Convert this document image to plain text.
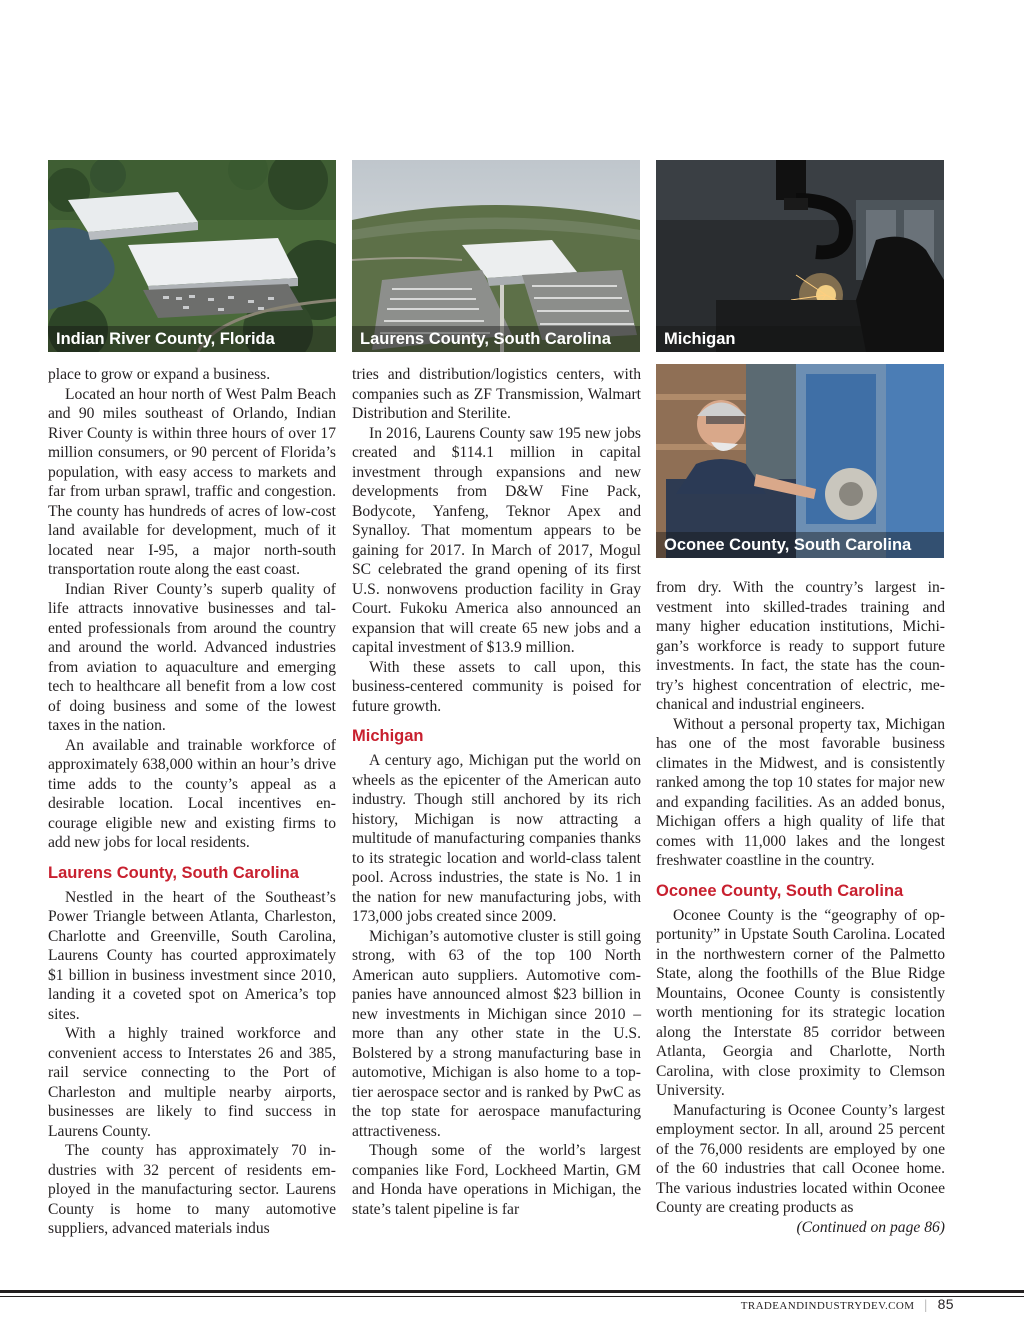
Indian River County, Florida	Laurens County, South Carolina	Michigan
Oconee County, South Carolina

place to grow or expand a business.

Located an hour north of West Palm Beach and 90 miles southeast of Orlando, Indian River County is within three hours of over 17 million consumers, or 90 percent of Florida’s population, with easy access to markets and far from urban sprawl, traffic and congestion. The county has hundreds of acres of low-cost land available for development, much of it located near I-95, a major north-south transportation route along the east coast.

Indian River County’s superb quality of life attracts innovative businesses and talented professionals from around the country and around the world. Advanced industries from aviation to aquaculture and emerging tech to healthcare all benefit from a low cost of doing business and some of the lowest taxes in the nation.

An available and trainable workforce of approximately 638,000 within an hour’s drive time adds to the county’s appeal as a desirable location. Local incentives encourage eligible new and existing firms to add new jobs for local residents.

Laurens County, South Carolina

Nestled in the heart of the Southeast’s Power Triangle between Atlanta, Charleston, Charlotte and Greenville, South Carolina, Laurens County has courted approximately $1 billion in business investment since 2010, landing it a coveted spot on America’s top sites.

With a highly trained workforce and convenient access to Interstates 26 and 385, rail service connecting to the Port of Charleston and multiple nearby airports, businesses are likely to find success in Laurens County.

The county has approximately 70 industries with 32 percent of residents employed in the manufacturing sector. Laurens County is home to many automotive suppliers, advanced materials indus

tries and distribution/logistics centers, with companies such as ZF Transmission, Walmart Distribution and Sterilite.

In 2016, Laurens County saw 195 new jobs created and $114.1 million in capital investment through expansions and new developments from D&W Fine Pack, Bodycote, Yanfeng, Teknor Apex and Synalloy. That momentum appears to be gaining for 2017. In March of 2017, Mogul SC celebrated the grand opening of its first U.S. nonwovens production facility in Gray Court. Fukoku America also announced an expansion that will create 65 new jobs and a capital investment of $13.9 million.

With these assets to call upon, this business-centered community is poised for future growth.

Michigan

A century ago, Michigan put the world on wheels as the epicenter of the American auto industry. Though still anchored by its rich history, Michigan is now attracting a multitude of manufacturing companies thanks to its strategic location and world-class talent pool. Across industries, the state is No. 1 in the nation for new manufacturing jobs, with 173,000 jobs created since 2009.

Michigan’s automotive cluster is still going strong, with 63 of the top 100 North American auto suppliers. Automotive companies have announced almost $23 billion in new investments in Michigan since 2010 – more than any other state in the U.S. Bolstered by a strong manufacturing base in automotive, Michigan is also home to a top-tier aerospace sector and is ranked by PwC as the top state for aerospace manufacturing attractiveness.

Though some of the world’s largest companies like Ford, Lockheed Martin, GM and Honda have operations in Michigan, the state’s talent pipeline is far

from dry. With the country’s largest investment into skilled-trades training and many higher education institutions, Michigan’s workforce is ready to support future investments. In fact, the state has the country’s highest concentration of electric, mechanical and industrial engineers.

Without a personal property tax, Michigan has one of the most favorable business climates in the Midwest, and is consistently ranked among the top 10 states for major new and expanding facilities. As an added bonus, Michigan offers a high quality of life that comes with 11,000 lakes and the longest freshwater coastline in the country.

Oconee County, South Carolina

Oconee County is the “geography of opportunity” in Upstate South Carolina. Located in the northwestern corner of the Palmetto State, along the foothills of the Blue Ridge Mountains, Oconee County is consistently worth mentioning for its strategic location along the Interstate 85 corridor between Atlanta, Georgia and Charlotte, North Carolina, with close proximity to Clemson University.

Manufacturing is Oconee County’s largest employment sector. In all, around 25 percent of the 76,000 residents are employed by one of the 60 industries that call Oconee home. The various industries located within Oconee County are creating products as
(Continued on page 86)

TRADEANDINDUSTRYDEV.COM | 85
